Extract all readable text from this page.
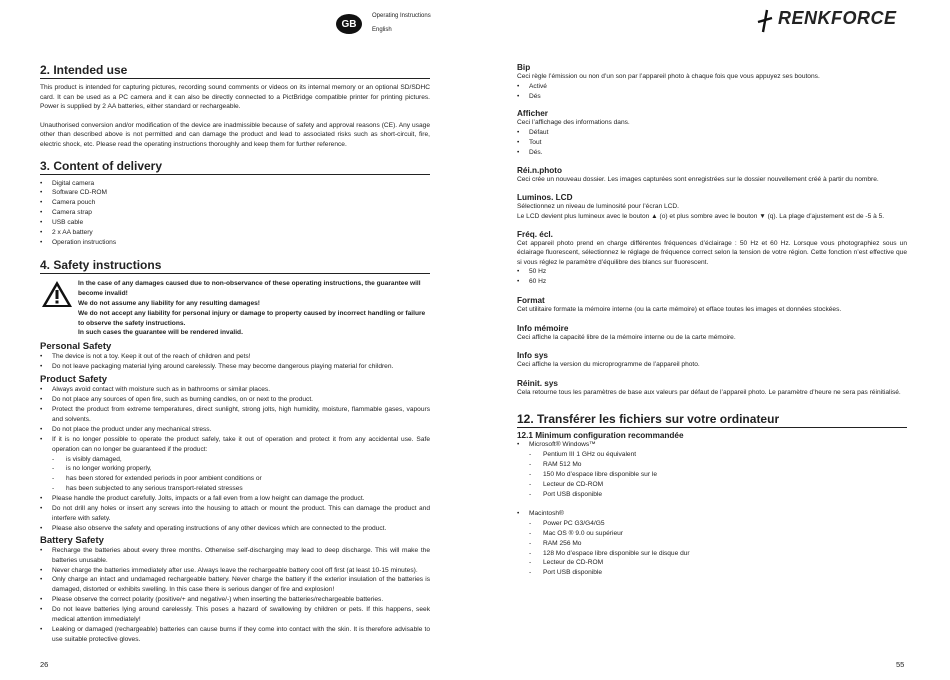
GB
Operating Instructions
English
RENKFORCE
2. Intended use
This product is intended for capturing pictures, recording sound comments or videos on its internal memory or an optional SD/SDHC card. It can be used as a PC camera and it can also be directly connected to a PictBridge compatible printer for printing pictures. Power is supplied by 2 AA batteries, either standard or rechargeable.
Unauthorised conversion and/or modification of the device are inadmissible because of safety and approval reasons (CE). Any usage other than described above is not permitted and can damage the product and lead to associated risks such as short-circuit, fire, electric shock, etc. Please read the operating instructions thoroughly and keep them for further reference.
3. Content of delivery
• Digital camera
• Software CD-ROM
• Camera pouch
• Camera strap
• USB cable
• 2 x AA battery
• Operation instructions
4. Safety instructions
In the case of any damages caused due to non-observance of these operating instructions, the guarantee will become invalid!
We do not assume any liability for any resulting damages!
We do not accept any liability for personal injury or damage to property caused by incorrect handling or failure to observe the safety instructions.
In such cases the guarantee will be rendered invalid.
Personal Safety
• The device is not a toy. Keep it out of the reach of children and pets!
• Do not leave packaging material lying around carelessly. These may become dangerous playing material for children.
Product Safety
• Always avoid contact with moisture such as in bathrooms or similar places.
• Do not place any sources of open fire, such as burning candles, on or next to the product.
• Protect the product from extreme temperatures, direct sunlight, strong jolts, high humidity, moisture, flammable gases, vapours and solvents.
• Do not place the product under any mechanical stress.
• If it is no longer possible to operate the product safely, take it out of operation and protect it from any accidental use. Safe operation can no longer be guaranteed if the product:
- is visibly damaged,
- is no longer working properly,
- has been stored for extended periods in poor ambient conditions or
- has been subjected to any serious transport-related stresses
• Please handle the product carefully. Jolts, impacts or a fall even from a low height can damage the product.
• Do not drill any holes or insert any screws into the housing to attach or mount the product. This can damage the product and interfere with safety.
• Please also observe the safety and operating instructions of any other devices which are connected to the product.
Battery Safety
• Recharge the batteries about every three months. Otherwise self-discharging may lead to deep discharge. This will make the batteries unusable.
• Never charge the batteries immediately after use. Always leave the rechargeable battery cool off first (at least 10-15 minutes).
• Only charge an intact and undamaged rechargeable battery. Never charge the battery if the exterior insulation of the batteries is damaged, distorted or exhibits swelling. In this case there is serious danger of fire and explosion!
• Please observe the correct polarity (positive/+ and negative/-) when inserting the batteries/rechargeable batteries.
• Do not leave batteries lying around carelessly. This poses a hazard of swallowing by children or pets. If this happens, seek medical attention immediately!
• Leaking or damaged (rechargeable) batteries can cause burns if they come into contact with the skin. It is therefore advisable to use suitable protective gloves.
26
Bip
Ceci règle l’émission ou non d’un son par l’appareil photo à chaque fois que vous appuyez ses boutons.
• Activé
• Dés
Afficher
Ceci l’affichage des informations dans.
• Défaut
• Tout
• Dés.
Réi.n.photo
Ceci crée un nouveau dossier. Les images capturées sont enregistrées sur le dossier nouvellement créé à partir du nombre.
Luminos. LCD
Sélectionnez un niveau de luminosité pour l’écran LCD.
Le LCD devient plus lumineux avec le bouton ▲ (o) et plus sombre avec le bouton ▼ (q). La plage d’ajustement est de -5 à 5.
Fréq. écl.
Cet appareil photo prend en charge différentes fréquences d’éclairage : 50 Hz et 60 Hz. Lorsque vous photographiez sous un éclairage fluorescent, sélectionnez le réglage de fréquence correct selon la tension de votre région. Cette fonction n’est effective que si vous réglez le paramètre d’équilibre des blancs sur fluorescent.
• 50 Hz
• 60 Hz
Format
Cet utilitaire formate la mémoire interne (ou la carte mémoire) et efface toutes les images et données stockées.
Info mémoire
Ceci affiche la capacité libre de la mémoire interne ou de la carte mémoire.
Info sys
Ceci affiche la version du microprogramme de l’appareil photo.
Réinit. sys
Cela retourne tous les paramètres de base aux valeurs par défaut de l’appareil photo. Le paramètre d’heure ne sera pas réinitialisé.
12. Transférer les fichiers sur votre ordinateur
12.1 Minimum configuration recommandée
• Microsoft® Windows™
- Pentium III 1 GHz ou équivalent
- RAM 512 Mo
- 150 Mo d’espace libre disponible sur le
- Lecteur de CD-ROM
- Port USB disponible
• Macintosh®
- Power PC G3/G4/G5
- Mac OS ® 9.0 ou supérieur
- RAM 256 Mo
- 128 Mo d’espace libre disponible sur le disque dur
- Lecteur de CD-ROM
- Port USB disponible
55
